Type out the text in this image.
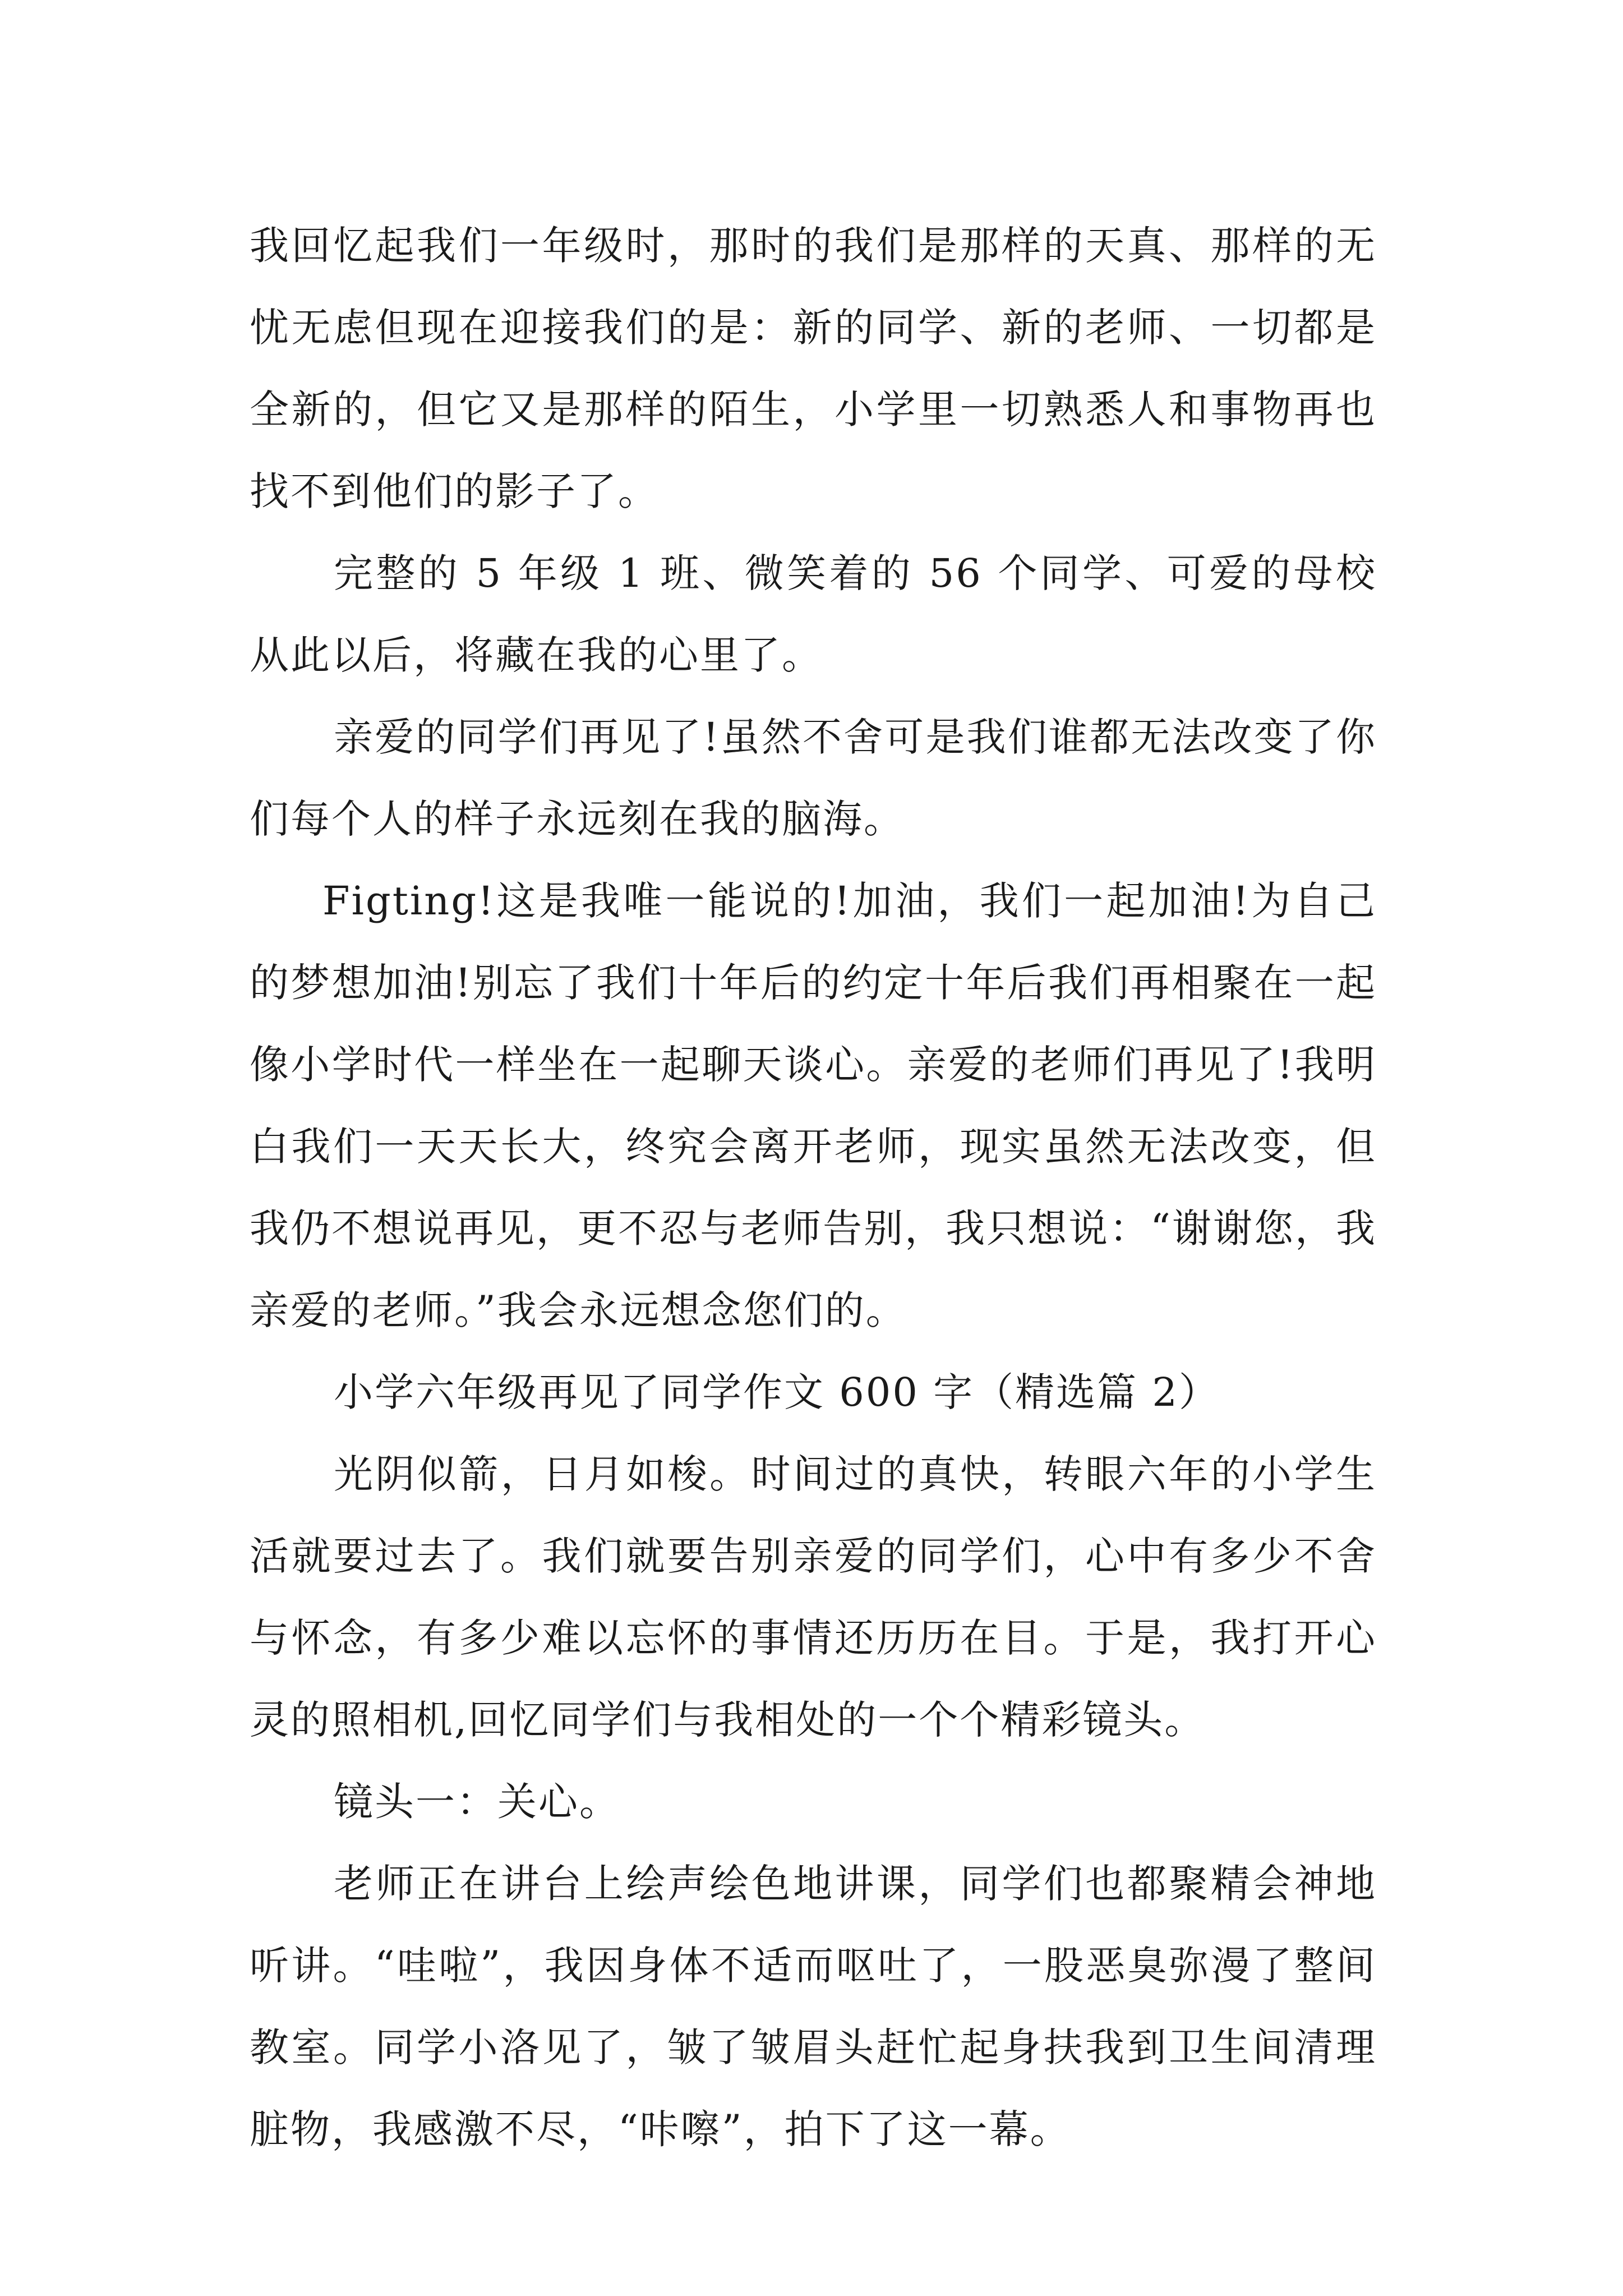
我回忆起我们一年级时，那时的我们是那样的天真、那样的无忧无虑但现在迎接我们的是：新的同学、新的老师、一切都是全新的，但它又是那样的陌生，小学里一切熟悉人和事物再也找不到他们的影子了。

完整的 5 年级 1 班、微笑着的 56 个同学、可爱的母校从此以后，将藏在我的心里了。

亲爱的同学们再见了!虽然不舍可是我们谁都无法改变了你们每个人的样子永远刻在我的脑海。

Figting!这是我唯一能说的!加油，我们一起加油!为自己的梦想加油!别忘了我们十年后的约定十年后我们再相聚在一起像小学时代一样坐在一起聊天谈心。亲爱的老师们再见了!我明白我们一天天长大，终究会离开老师，现实虽然无法改变，但我仍不想说再见，更不忍与老师告别，我只想说：“谢谢您，我亲爱的老师。”我会永远想念您们的。

小学六年级再见了同学作文 600 字（精选篇 2）

光阴似箭，日月如梭。时间过的真快，转眼六年的小学生活就要过去了。我们就要告别亲爱的同学们，心中有多少不舍与怀念，有多少难以忘怀的事情还历历在目。于是，我打开心灵的照相机,回忆同学们与我相处的一个个精彩镜头。

镜头一：关心。

老师正在讲台上绘声绘色地讲课，同学们也都聚精会神地听讲。“哇啦”，我因身体不适而呕吐了，一股恶臭弥漫了整间教室。同学小洛见了，皱了皱眉头赶忙起身扶我到卫生间清理脏物，我感激不尽，“咔嚓”，拍下了这一幕。
